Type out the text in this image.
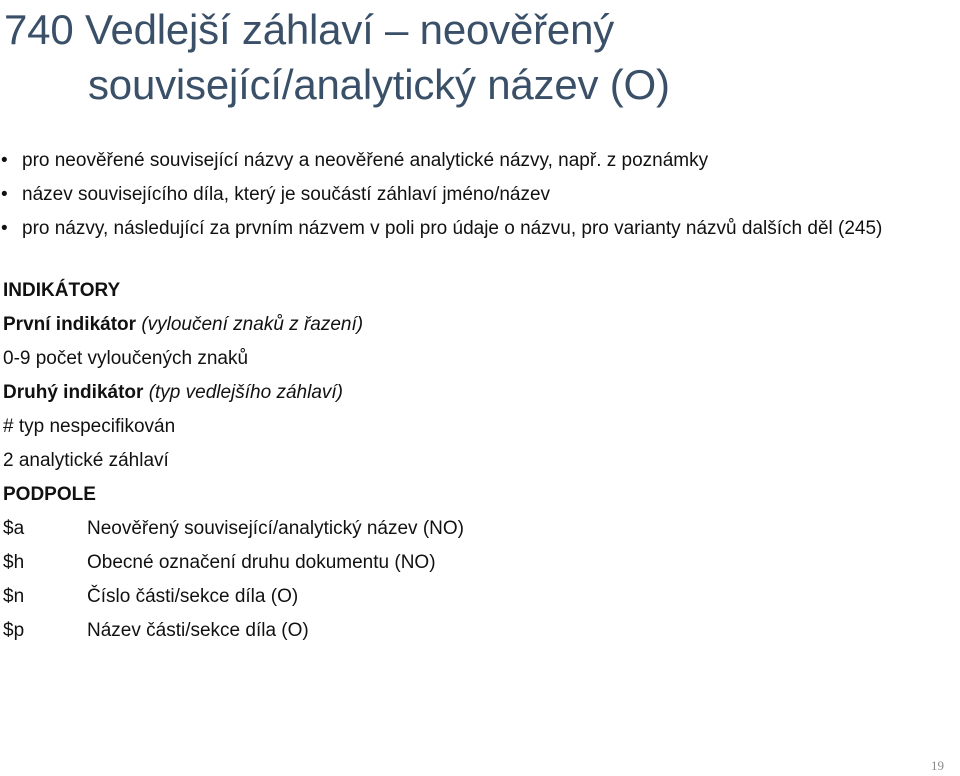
740 Vedlejší záhlaví – neověřený
související/analytický název (O)
• pro neověřené související názvy a neověřené analytické názvy, např. z poznámky
• název souvisejícího díla, který je součástí záhlaví jméno/název
• pro názvy, následující za prvním názvem v poli pro údaje o názvu, pro varianty názvů dalších děl (245)
INDIKÁTORY
První indikátor (vyloučení znaků z řazení)
0-9 počet vyloučených znaků
Druhý indikátor (typ vedlejšího záhlaví)
# typ nespecifikován
2 analytické záhlaví
PODPOLE
$a	Neověřený související/analytický název (NO)
$h	Obecné označení druhu dokumentu (NO)
$n	Číslo části/sekce díla (O)
$p	Název části/sekce díla (O)
19
